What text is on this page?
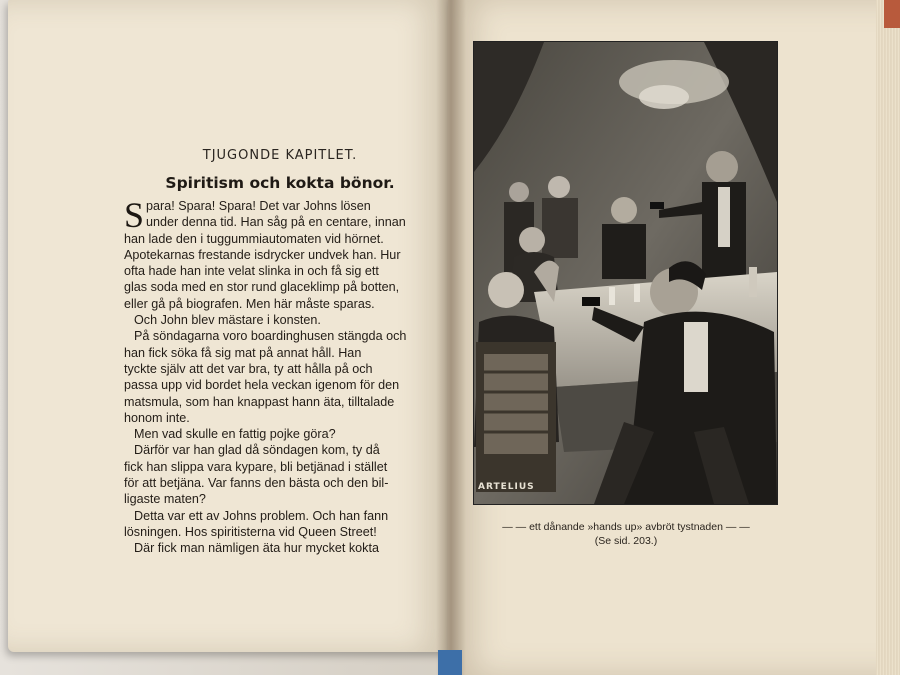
TJUGONDE KAPITLET.
Spiritism och kokta bönor.
S para! Spara! Spara! Det var Johns lösen
under denna tid. Han såg på en centare, innan
han lade den i tuggummiautomaten vid hörnet.
Apotekarnas frestande isdrycker undvek han. Hur
ofta hade han inte velat slinka in och få sig ett
glas soda med en stor rund glaceklimp på botten,
eller gå på biografen. Men här måste sparas.
Och John blev mästare i konsten.
På söndagarna voro boardinghusen stängda och
han fick söka få sig mat på annat håll. Han
tyckte själv att det var bra, ty att hålla på och
passa upp vid bordet hela veckan igenom för den
matsmula, som han knappast hann äta, tilltalade
honom inte.
Men vad skulle en fattig pojke göra?
Därför var han glad då söndagen kom, ty då
fick han slippa vara kypare, bli betjänad i stället
för att betjäna. Var fanns den bästa och den bil-
ligaste maten?
Detta var ett av Johns problem. Och han fann
lösningen. Hos spiritisterna vid Queen Street!
Där fick man nämligen äta hur mycket kokta
ARTELIUS
— — ett dånande »hands up» avbröt tystnaden — —
(Se sid. 203.)
